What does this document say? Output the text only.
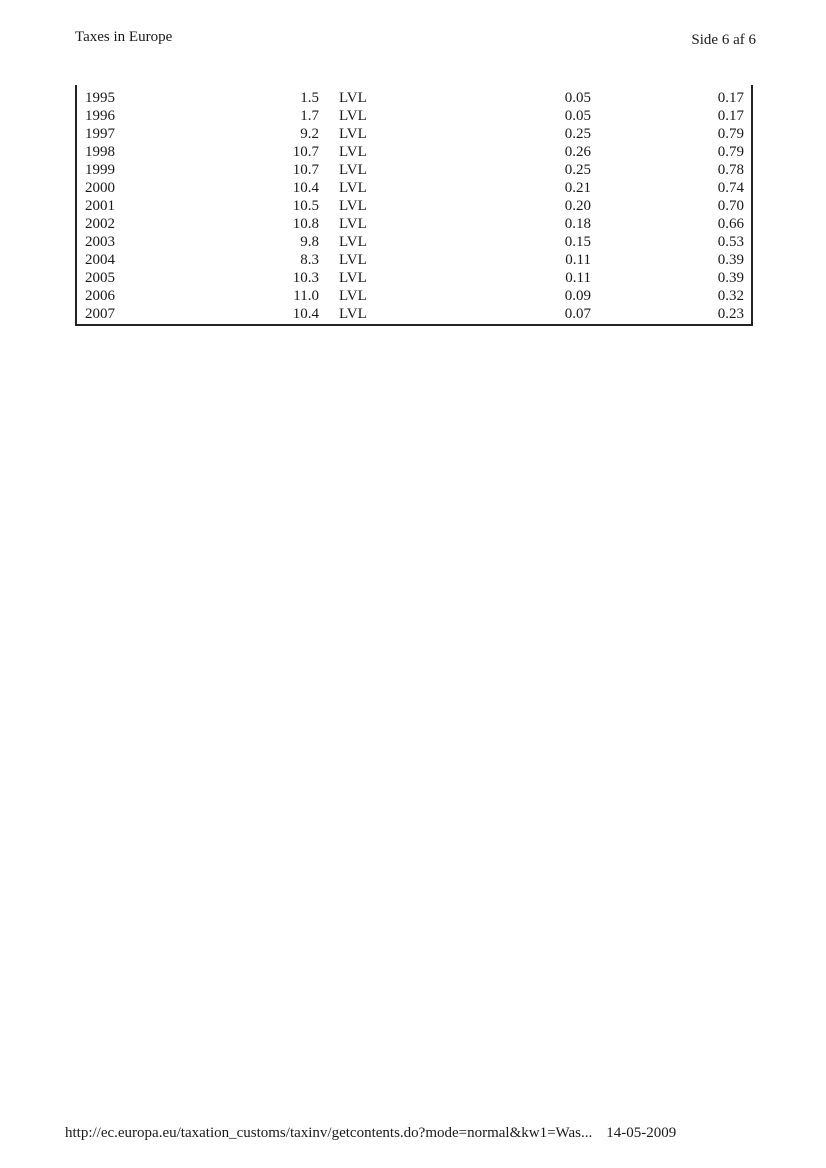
Taxes in Europe	Side 6 af 6
1995	1.5 LVL	0.05	0.17
1996	1.7 LVL	0.05	0.17
1997	9.2 LVL	0.25	0.79
1998	10.7 LVL	0.26	0.79
1999	10.7 LVL	0.25	0.78
2000	10.4 LVL	0.21	0.74
2001	10.5 LVL	0.20	0.70
2002	10.8 LVL	0.18	0.66
2003	9.8 LVL	0.15	0.53
2004	8.3 LVL	0.11	0.39
2005	10.3 LVL	0.11	0.39
2006	11.0 LVL	0.09	0.32
2007	10.4 LVL	0.07	0.23
http://ec.europa.eu/taxation_customs/taxinv/getcontents.do?mode=normal&kw1=Was... 14-05-2009
